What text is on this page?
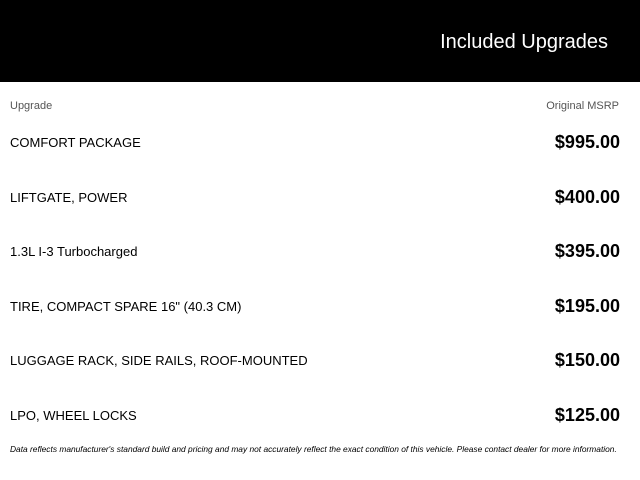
Included Upgrades
Upgrade	Original MSRP
COMFORT PACKAGE	$995.00
LIFTGATE, POWER	$400.00
1.3L I-3 Turbocharged	$395.00
TIRE, COMPACT SPARE 16" (40.3 CM)	$195.00
LUGGAGE RACK, SIDE RAILS, ROOF-MOUNTED	$150.00
LPO, WHEEL LOCKS	$125.00
Data reflects manufacturer's standard build and pricing and may not accurately reflect the exact condition of this vehicle. Please contact dealer for more information.
